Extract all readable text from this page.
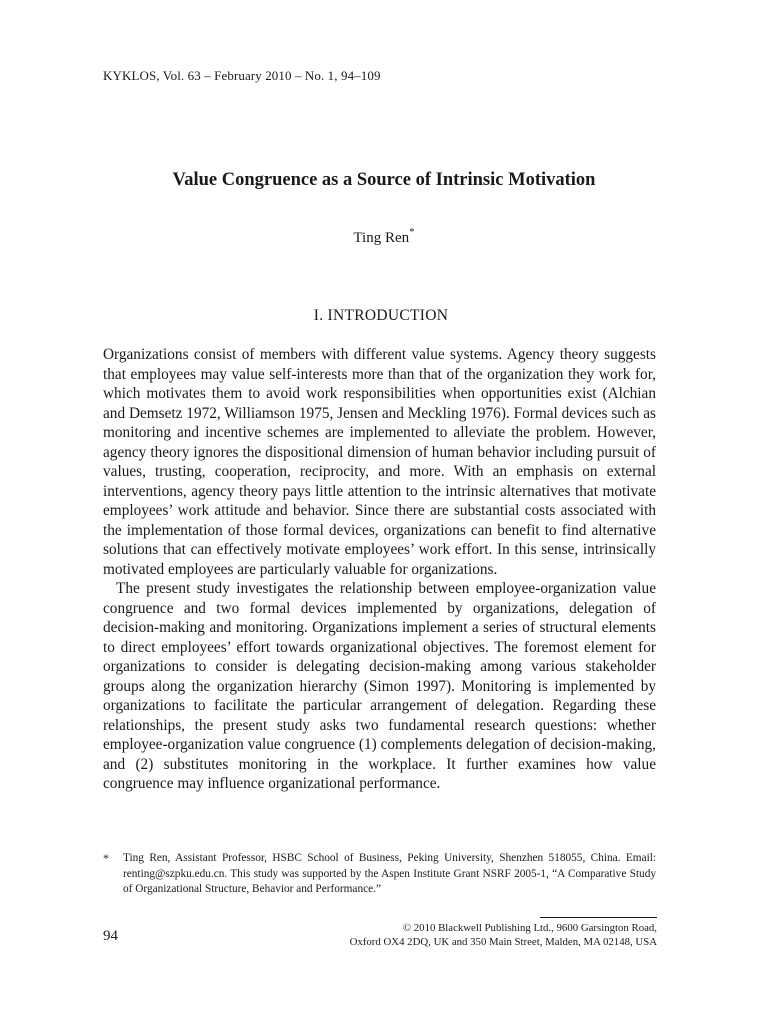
KYKLOS, Vol. 63 – February 2010 – No. 1, 94–109
Value Congruence as a Source of Intrinsic Motivation
Ting Ren*
I. INTRODUCTION

Organizations consist of members with different value systems. Agency theory suggests that employees may value self-interests more than that of the organization they work for, which motivates them to avoid work responsibilities when opportunities exist (Alchian and Demsetz 1972, Williamson 1975, Jensen and Meckling 1976). Formal devices such as monitoring and incentive schemes are implemented to alleviate the problem. However, agency theory ignores the dispositional dimension of human behavior including pursuit of values, trusting, cooperation, reciprocity, and more. With an emphasis on external interventions, agency theory pays little attention to the intrinsic alternatives that motivate employees’ work attitude and behavior. Since there are substantial costs associated with the implementation of those formal devices, organizations can benefit to find alternative solutions that can effectively motivate employees’ work effort. In this sense, intrinsically motivated employees are particularly valuable for organizations.

The present study investigates the relationship between employee-organization value congruence and two formal devices implemented by organizations, delegation of decision-making and monitoring. Organizations implement a series of structural elements to direct employees’ effort towards organizational objectives. The foremost element for organizations to consider is delegating decision-making among various stakeholder groups along the organization hierarchy (Simon 1997). Monitoring is implemented by organizations to facilitate the particular arrangement of delegation. Regarding these relationships, the present study asks two fundamental research questions: whether employee-organization value congruence (1) complements delegation of decision-making, and (2) substitutes monitoring in the workplace. It further examines how value congruence may influence organizational performance.

* Ting Ren, Assistant Professor, HSBC School of Business, Peking University, Shenzhen 518055, China. Email: renting@szpku.edu.cn. This study was supported by the Aspen Institute Grant NSRF 2005-1, “A Comparative Study of Organizational Structure, Behavior and Performance.”
© 2010 Blackwell Publishing Ltd., 9600 Garsington Road,
Oxford OX4 2DQ, UK and 350 Main Street, Malden, MA 02148, USA
94
